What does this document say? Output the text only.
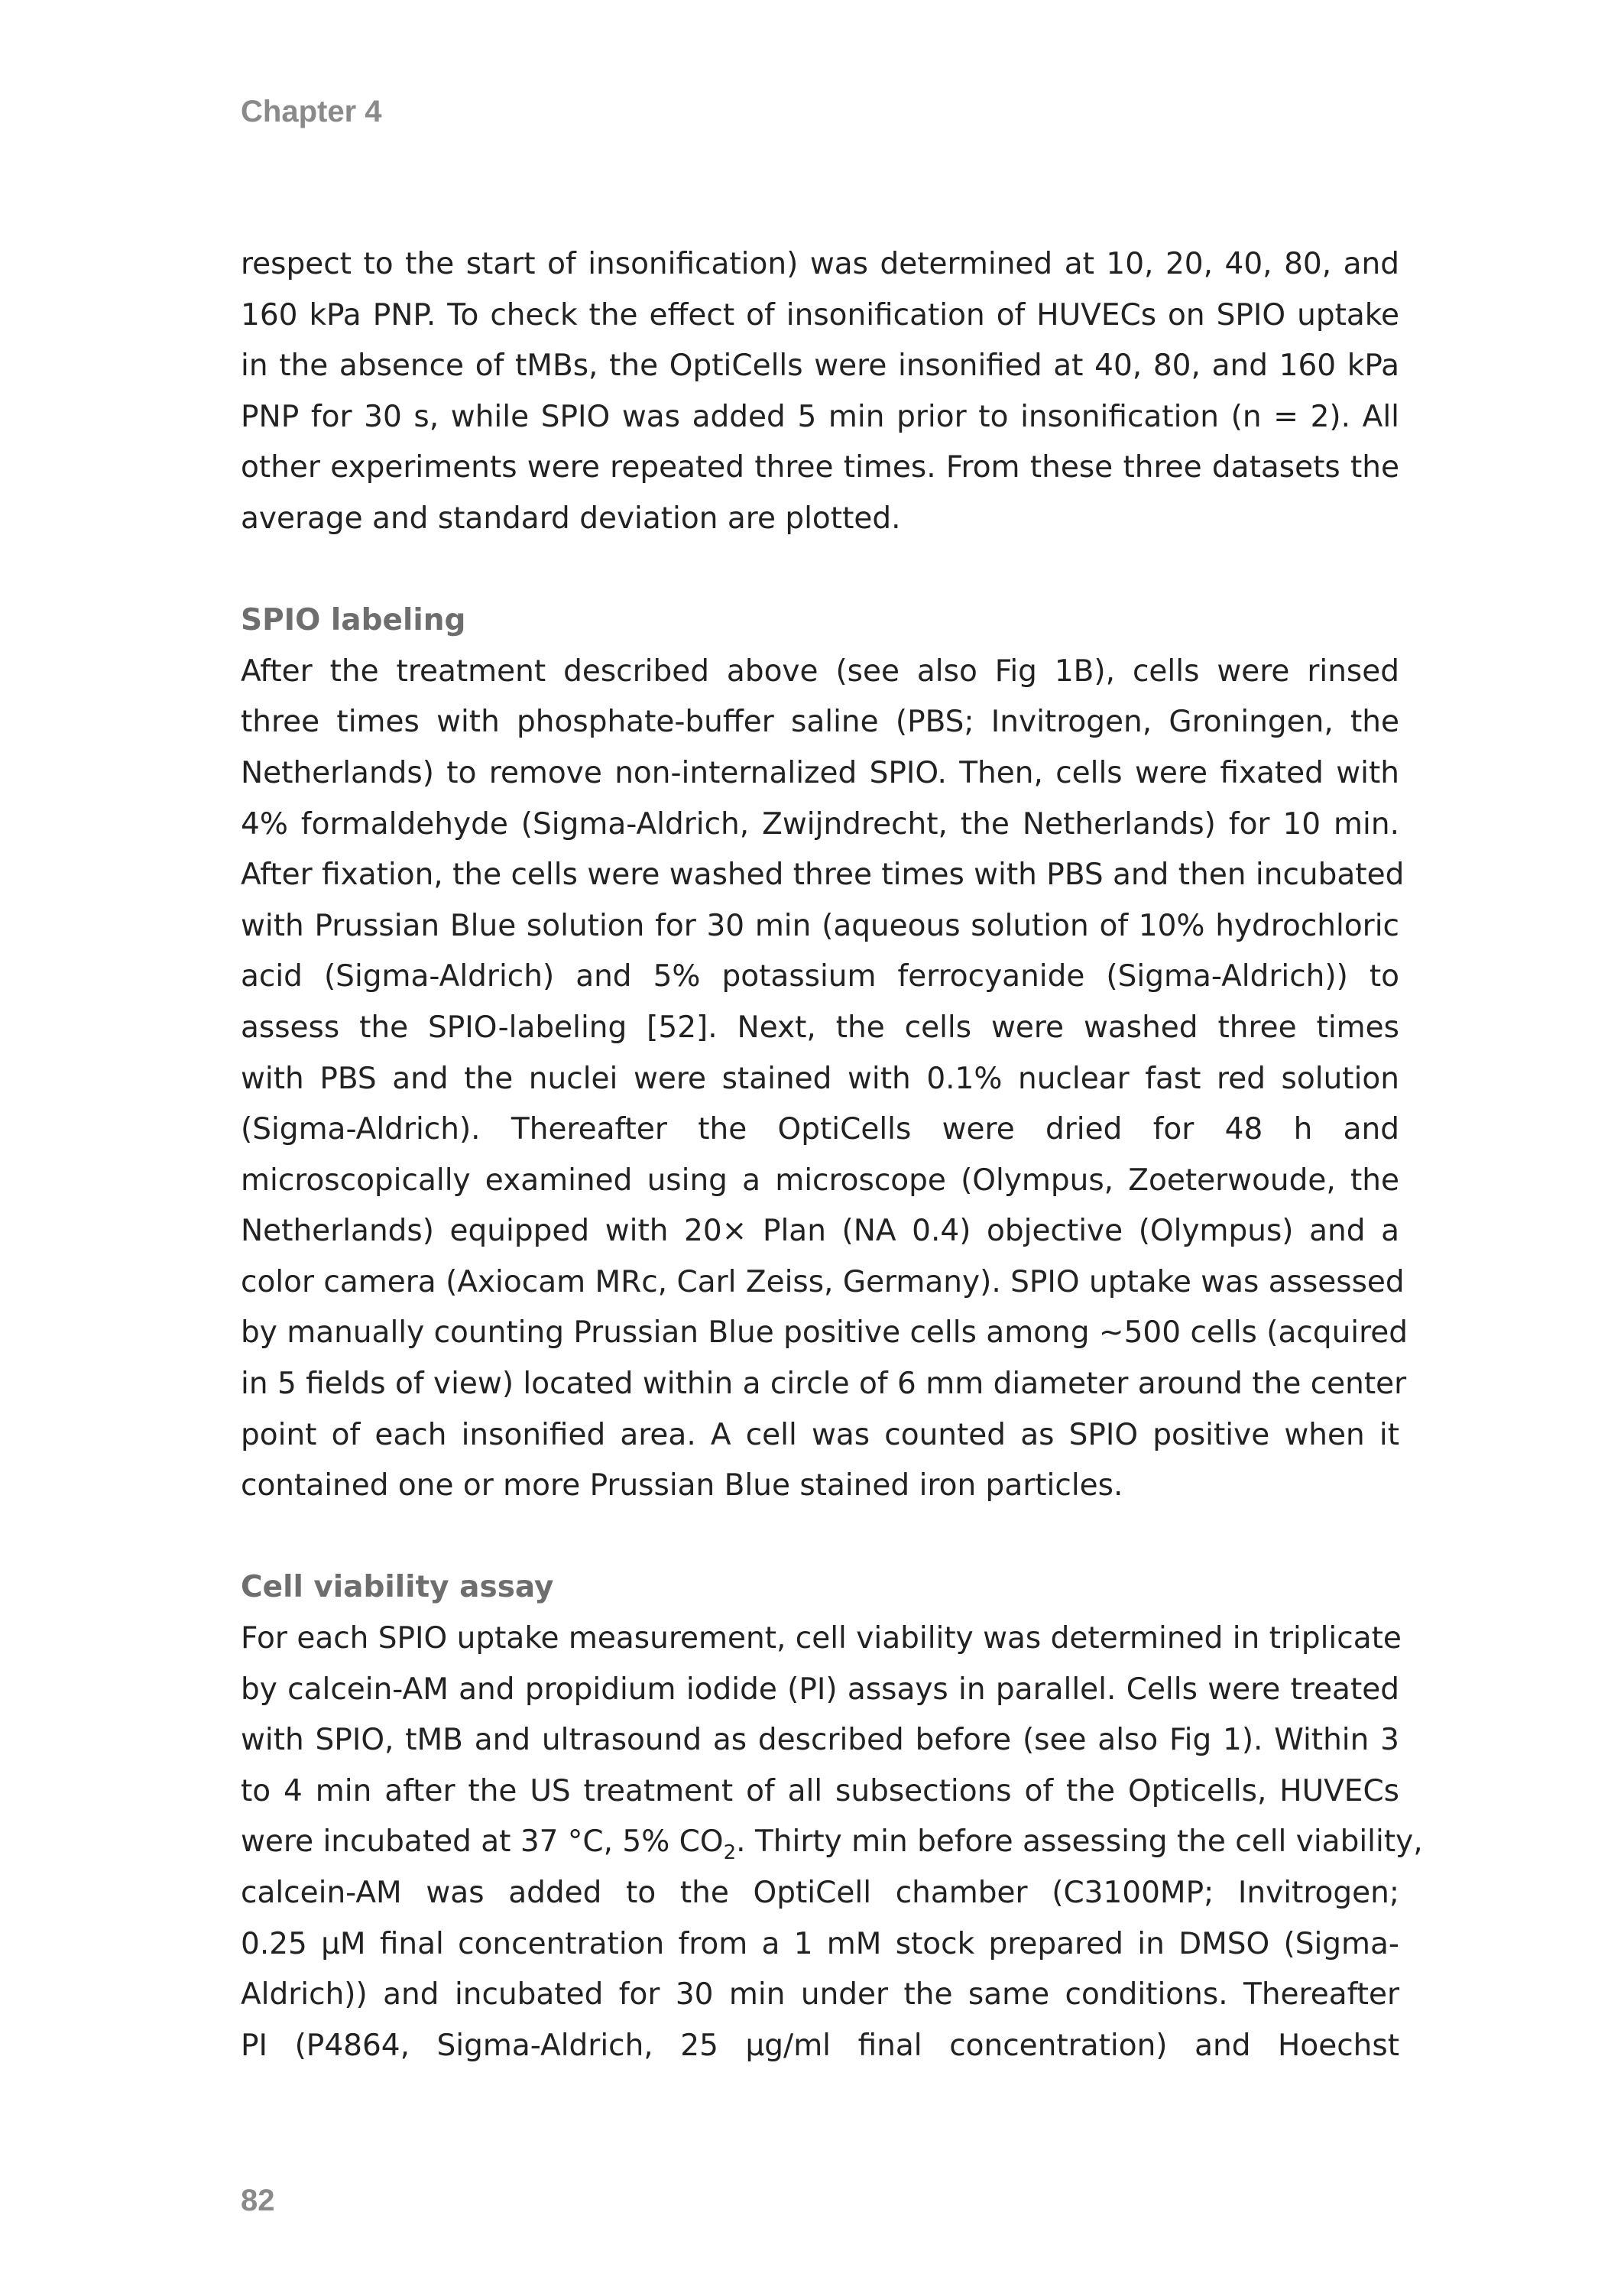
Chapter 4
respect to the start of insonification) was determined at 10, 20, 40, 80, and
160 kPa PNP. To check the effect of insonification of HUVECs on SPIO uptake
in the absence of tMBs, the OptiCells were insonified at 40, 80, and 160 kPa
PNP for 30 s, while SPIO was added 5 min prior to insonification (n = 2). All
other experiments were repeated three times. From these three datasets the
average and standard deviation are plotted.
SPIO labeling
After the treatment described above (see also Fig 1B), cells were rinsed
three times with phosphate-buffer saline (PBS; Invitrogen, Groningen, the
Netherlands) to remove non-internalized SPIO. Then, cells were fixated with
4% formaldehyde (Sigma-Aldrich, Zwijndrecht, the Netherlands) for 10 min.
After fixation, the cells were washed three times with PBS and then incubated
with Prussian Blue solution for 30 min (aqueous solution of 10% hydrochloric
acid (Sigma-Aldrich) and 5% potassium ferrocyanide (Sigma-Aldrich)) to
assess the SPIO-labeling [52]. Next, the cells were washed three times
with PBS and the nuclei were stained with 0.1% nuclear fast red solution
(Sigma-Aldrich). Thereafter the OptiCells were dried for 48 h and
microscopically examined using a microscope (Olympus, Zoeterwoude, the
Netherlands) equipped with 20× Plan (NA 0.4) objective (Olympus) and a
color camera (Axiocam MRc, Carl Zeiss, Germany). SPIO uptake was assessed
by manually counting Prussian Blue positive cells among ~500 cells (acquired
in 5 fields of view) located within a circle of 6 mm diameter around the center
point of each insonified area. A cell was counted as SPIO positive when it
contained one or more Prussian Blue stained iron particles.
Cell viability assay
For each SPIO uptake measurement, cell viability was determined in triplicate
by calcein-AM and propidium iodide (PI) assays in parallel. Cells were treated
with SPIO, tMB and ultrasound as described before (see also Fig 1). Within 3
to 4 min after the US treatment of all subsections of the Opticells, HUVECs
were incubated at 37 °C, 5% $CO_2$. Thirty min before assessing the cell viability,
calcein-AM was added to the OptiCell chamber (C3100MP; Invitrogen;
0.25 µM final concentration from a 1 mM stock prepared in DMSO (Sigma-
Aldrich)) and incubated for 30 min under the same conditions. Thereafter
PI (P4864, Sigma-Aldrich, 25 µg/ml final concentration) and Hoechst
82
